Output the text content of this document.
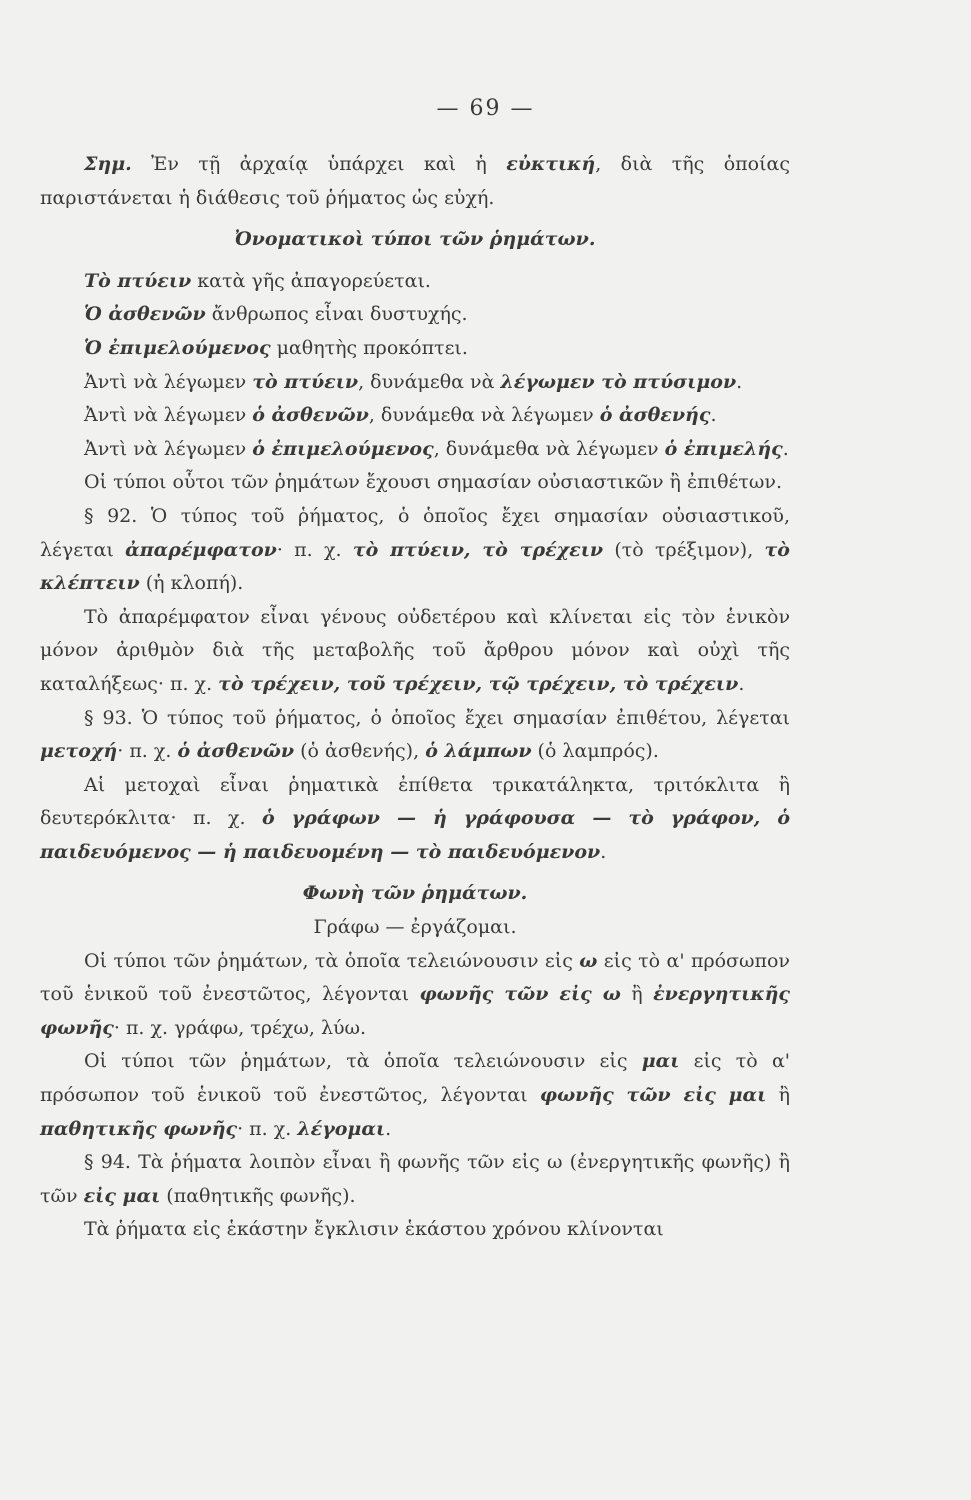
— 69 —

Σημ. Ἐν τῇ ἀρχαίᾳ ὑπάρχει καὶ ἡ εὐκτική, διὰ τῆς ὁποίας παριστάνεται ἡ διάθεσις τοῦ ῥήματος ὡς εὐχή.

Ὀνοματικοὶ τύποι τῶν ῥημάτων.

Τὸ πτύειν κατὰ γῆς ἀπαγορεύεται.

Ὁ ἀσθενῶν ἄνθρωπος εἶναι δυστυχής.

Ὁ ἐπιμελούμενος μαθητὴς προκόπτει.

Ἀντὶ νὰ λέγωμεν τὸ πτύειν, δυνάμεθα νὰ λέγωμεν τὸ πτύσιμον.

Ἀντὶ νὰ λέγωμεν ὁ ἀσθενῶν, δυνάμεθα νὰ λέγωμεν ὁ ἀσθενής.

Ἀντὶ νὰ λέγωμεν ὁ ἐπιμελούμενος, δυνάμεθα νὰ λέγωμεν ὁ ἐπιμελής.

Οἱ τύποι οὗτοι τῶν ῥημάτων ἔχουσι σημασίαν οὐσιαστικῶν ἢ ἐπιθέτων.

§ 92. Ὁ τύπος τοῦ ῥήματος, ὁ ὁποῖος ἔχει σημασίαν οὐσιαστικοῦ, λέγεται ἀπαρέμφατον· π. χ. τὸ πτύειν, τὸ τρέχειν (τὸ τρέξιμον), τὸ κλέπτειν (ἡ κλοπή).

Τὸ ἀπαρέμφατον εἶναι γένους οὐδετέρου καὶ κλίνεται εἰς τὸν ἑνικὸν μόνον ἀριθμὸν διὰ τῆς μεταβολῆς τοῦ ἄρθρου μόνον καὶ οὐχὶ τῆς καταλήξεως· π. χ. τὸ τρέχειν, τοῦ τρέχειν, τῷ τρέχειν, τὸ τρέχειν.

§ 93. Ὁ τύπος τοῦ ῥήματος, ὁ ὁποῖος ἔχει σημασίαν ἐπιθέτου, λέγεται μετοχή· π. χ. ὁ ἀσθενῶν (ὁ ἀσθενής), ὁ λάμπων (ὁ λαμπρός).

Αἱ μετοχαὶ εἶναι ῥηματικὰ ἐπίθετα τρικατάληκτα, τριτόκλιτα ἢ δευτερόκλιτα· π. χ. ὁ γράφων — ἡ γράφουσα — τὸ γράφον, ὁ παιδευόμενος — ἡ παιδευομένη — τὸ παιδευόμενον.

Φωνὴ τῶν ῥημάτων.

Γράφω — ἐργάζομαι.

Οἱ τύποι τῶν ῥημάτων, τὰ ὁποῖα τελειώνουσιν εἰς ω εἰς τὸ α' πρόσωπον τοῦ ἑνικοῦ τοῦ ἐνεστῶτος, λέγονται φωνῆς τῶν εἰς ω ἢ ἐνεργητικῆς φωνῆς· π. χ. γράφω, τρέχω, λύω.

Οἱ τύποι τῶν ῥημάτων, τὰ ὁποῖα τελειώνουσιν εἰς μαι εἰς τὸ α' πρόσωπον τοῦ ἑνικοῦ τοῦ ἐνεστῶτος, λέγονται φωνῆς τῶν εἰς μαι ἢ παθητικῆς φωνῆς· π. χ. λέγομαι.

§ 94. Τὰ ῥήματα λοιπὸν εἶναι ἢ φωνῆς τῶν εἰς ω (ἐνεργητικῆς φωνῆς) ἢ τῶν εἰς μαι (παθητικῆς φωνῆς).

Τὰ ῥήματα εἰς ἑκάστην ἔγκλισιν ἑκάστου χρόνου κλίνονται
